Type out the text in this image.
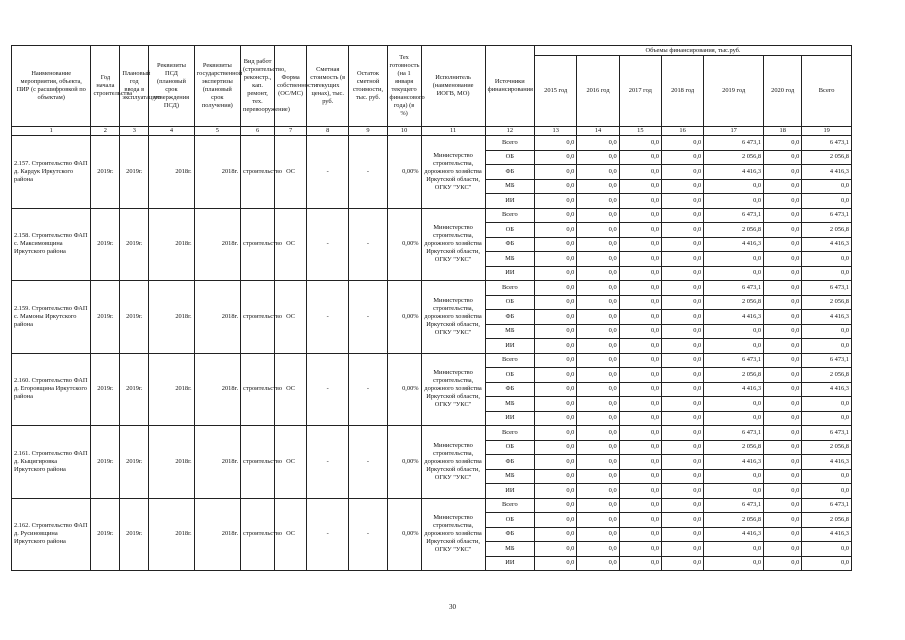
Наименование мероприятия, объекта, ПИР (с расшифровкой по объектам)	Год начала строительства	Плановый год ввода в эксплуатацию	Реквизиты ПСД (плановый срок утверждения ПСД)	Реквизиты государственной экспертизы (плановый срок получения)	Вид работ (строительство, реконстр., кап. ремонт, тех. перевооружение)	Форма собственности (ОС/МС)	Сметная стоимость (в текущих ценах), тыс. руб.	Остаток сметной стоимости, тыс. руб.	Тех готовность (на 1 января текущего финансового года) (в %)	Исполнитель (наименование ИОГВ, МО)	Источники финансирования	Объемы финансирования, тыс.руб.						
												2015 год	2016 год	2017 год	2018 год	2019 год	2020 год	Всего
1	2	3	4	5	6	7	8	9	10	11	12	13	14	15	16	17	18	19
2.157. Строительство ФАП д. Кардук Иркутского района	2019г.	2019г.	2018г.	2018г.	строительство	ОС	-	-	0,00%	Министерство строительства, дорожного хозяйства Иркутской области, ОГКУ "УКС"	Всего	0,0	0,0	0,0	0,0	6 473,1	0,0	6 473,1
											ОБ	0,0	0,0	0,0	0,0	2 056,8	0,0	2 056,8
											ФБ	0,0	0,0	0,0	0,0	4 416,3	0,0	4 416,3
											МБ	0,0	0,0	0,0	0,0	0,0	0,0	0,0
											ИИ	0,0	0,0	0,0	0,0	0,0	0,0	0,0
2.158. Строительство ФАП с. Максимовщина Иркутского района	2019г.	2019г.	2018г.	2018г.	строительство	ОС	-	-	0,00%	Министерство строительства, дорожного хозяйства Иркутской области, ОГКУ "УКС"	Всего	0,0	0,0	0,0	0,0	6 473,1	0,0	6 473,1
											ОБ	0,0	0,0	0,0	0,0	2 056,8	0,0	2 056,8
											ФБ	0,0	0,0	0,0	0,0	4 416,3	0,0	4 416,3
											МБ	0,0	0,0	0,0	0,0	0,0	0,0	0,0
											ИИ	0,0	0,0	0,0	0,0	0,0	0,0	0,0
2.159. Строительство ФАП с. Мамоны Иркутского района	2019г.	2019г.	2018г.	2018г.	строительство	ОС	-	-	0,00%	Министерство строительства, дорожного хозяйства Иркутской области, ОГКУ "УКС"	Всего	0,0	0,0	0,0	0,0	6 473,1	0,0	6 473,1
											ОБ	0,0	0,0	0,0	0,0	2 056,8	0,0	2 056,8
											ФБ	0,0	0,0	0,0	0,0	4 416,3	0,0	4 416,3
											МБ	0,0	0,0	0,0	0,0	0,0	0,0	0,0
											ИИ	0,0	0,0	0,0	0,0	0,0	0,0	0,0
2.160. Строительство ФАП д. Егоровщина Иркутского района	2019г.	2019г.	2018г.	2018г.	строительство	ОС	-	-	0,00%	Министерство строительства, дорожного хозяйства Иркутской области, ОГКУ "УКС"	Всего	0,0	0,0	0,0	0,0	6 473,1	0,0	6 473,1
											ОБ	0,0	0,0	0,0	0,0	2 056,8	0,0	2 056,8
											ФБ	0,0	0,0	0,0	0,0	4 416,3	0,0	4 416,3
											МБ	0,0	0,0	0,0	0,0	0,0	0,0	0,0
											ИИ	0,0	0,0	0,0	0,0	0,0	0,0	0,0
2.161. Строительство ФАП д. Кыцигировка Иркутского района	2019г.	2019г.	2018г.	2018г.	строительство	ОС	-	-	0,00%	Министерство строительства, дорожного хозяйства Иркутской области, ОГКУ "УКС"	Всего	0,0	0,0	0,0	0,0	6 473,1	0,0	6 473,1
											ОБ	0,0	0,0	0,0	0,0	2 056,8	0,0	2 056,8
											ФБ	0,0	0,0	0,0	0,0	4 416,3	0,0	4 416,3
											МБ	0,0	0,0	0,0	0,0	0,0	0,0	0,0
											ИИ	0,0	0,0	0,0	0,0	0,0	0,0	0,0
2.162. Строительство ФАП д. Русиновщина Иркутского района	2019г.	2019г.	2018г.	2018г.	строительство	ОС	-	-	0,00%	Министерство строительства, дорожного хозяйства Иркутской области, ОГКУ "УКС"	Всего	0,0	0,0	0,0	0,0	6 473,1	0,0	6 473,1
											ОБ	0,0	0,0	0,0	0,0	2 056,8	0,0	2 056,8
											ФБ	0,0	0,0	0,0	0,0	4 416,3	0,0	4 416,3
											МБ	0,0	0,0	0,0	0,0	0,0	0,0	0,0
											ИИ	0,0	0,0	0,0	0,0	0,0	0,0	0,0
30
